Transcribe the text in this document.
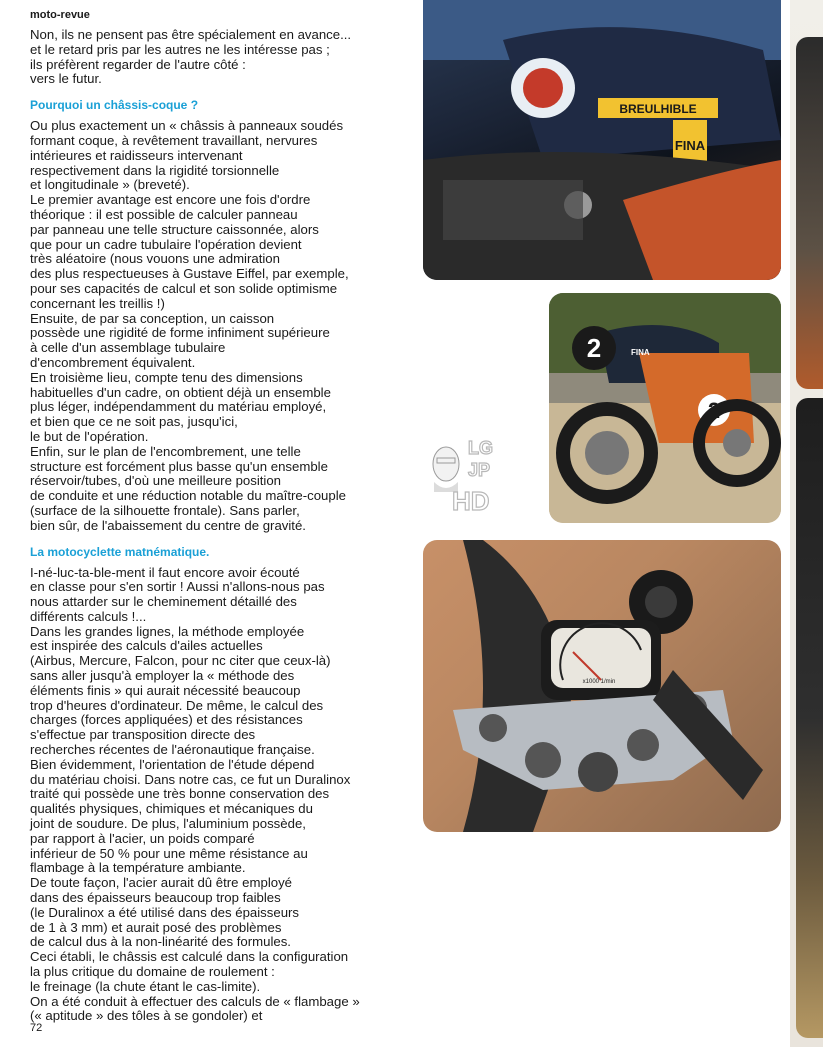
moto-revue

Non, ils ne pensent pas être spécialement en avance...
et le retard pris par les autres ne les intéresse pas ;
ils préfèrent regarder de l'autre côté :
vers le futur.

Pourquoi un châssis-coque ?

Ou plus exactement un « châssis à panneaux soudés
formant coque, à revêtement travaillant, nervures
intérieures et raidisseurs intervenant
respectivement dans la rigidité torsionnelle
et longitudinale » (breveté).
Le premier avantage est encore une fois d'ordre
théorique : il est possible de calculer panneau
par panneau une telle structure caissonnée, alors
que pour un cadre tubulaire l'opération devient
très aléatoire (nous vouons une admiration
des plus respectueuses à Gustave Eiffel, par exemple,
pour ses capacités de calcul et son solide optimisme
concernant les treillis !)
Ensuite, de par sa conception, un caisson
possède une rigidité de forme infiniment supérieure
à celle d'un assemblage tubulaire
d'encombrement équivalent.
En troisième lieu, compte tenu des dimensions
habituelles d'un cadre, on obtient déjà un ensemble
plus léger, indépendamment du matériau employé,
et bien que ce ne soit pas, jusqu'ici,
le but de l'opération.
Enfin, sur le plan de l'encombrement, une telle
structure est forcément plus basse qu'un ensemble
réservoir/tubes, d'où une meilleure position
de conduite et une réduction notable du maître-couple
(surface de la silhouette frontale). Sans parler,
bien sûr, de l'abaissement du centre de gravité.

La motocyclette matnématique.

I-né-luc-ta-ble-ment il faut encore avoir écouté
en classe pour s'en sortir ! Aussi n'allons-nous pas
nous attarder sur le cheminement détaillé des
différents calculs !...
Dans les grandes lignes, la méthode employée
est inspirée des calculs d'ailes actuelles
(Airbus, Mercure, Falcon, pour nc citer que ceux-là)
sans aller jusqu'à employer la « méthode des
éléments finis » qui aurait nécessité beaucoup
trop d'heures d'ordinateur. De même, le calcul des
charges (forces appliquées) et des résistances
s'effectue par transposition directe des
recherches récentes de l'aéronautique française.
Bien évidemment, l'orientation de l'étude dépend
du matériau choisi. Dans notre cas, ce fut un Duralinox
traité qui possède une très bonne conservation des
qualités physiques, chimiques et mécaniques du
joint de soudure. De plus, l'aluminium possède,
par rapport à l'acier, un poids comparé
inférieur de 50 % pour une même résistance au
flambage à la température ambiante.
De toute façon, l'acier aurait dû être employé
dans des épaisseurs beaucoup trop faibles
(le Duralinox a été utilisé dans des épaisseurs
de 1 à 3 mm) et aurait posé des problèmes
de calcul dus à la non-linéarité des formules.
Ceci établi, le châssis est calculé dans la configuration
la plus critique du domaine de roulement :
le freinage (la chute étant le cas-limite).
On a été conduit à effectuer des calculs de « flambage »
(« aptitude » des tôles à se gondoler) et

72
BREULHIBLE
FINA
2
2
FINA
x1000 1/min
LG
JP
HD
